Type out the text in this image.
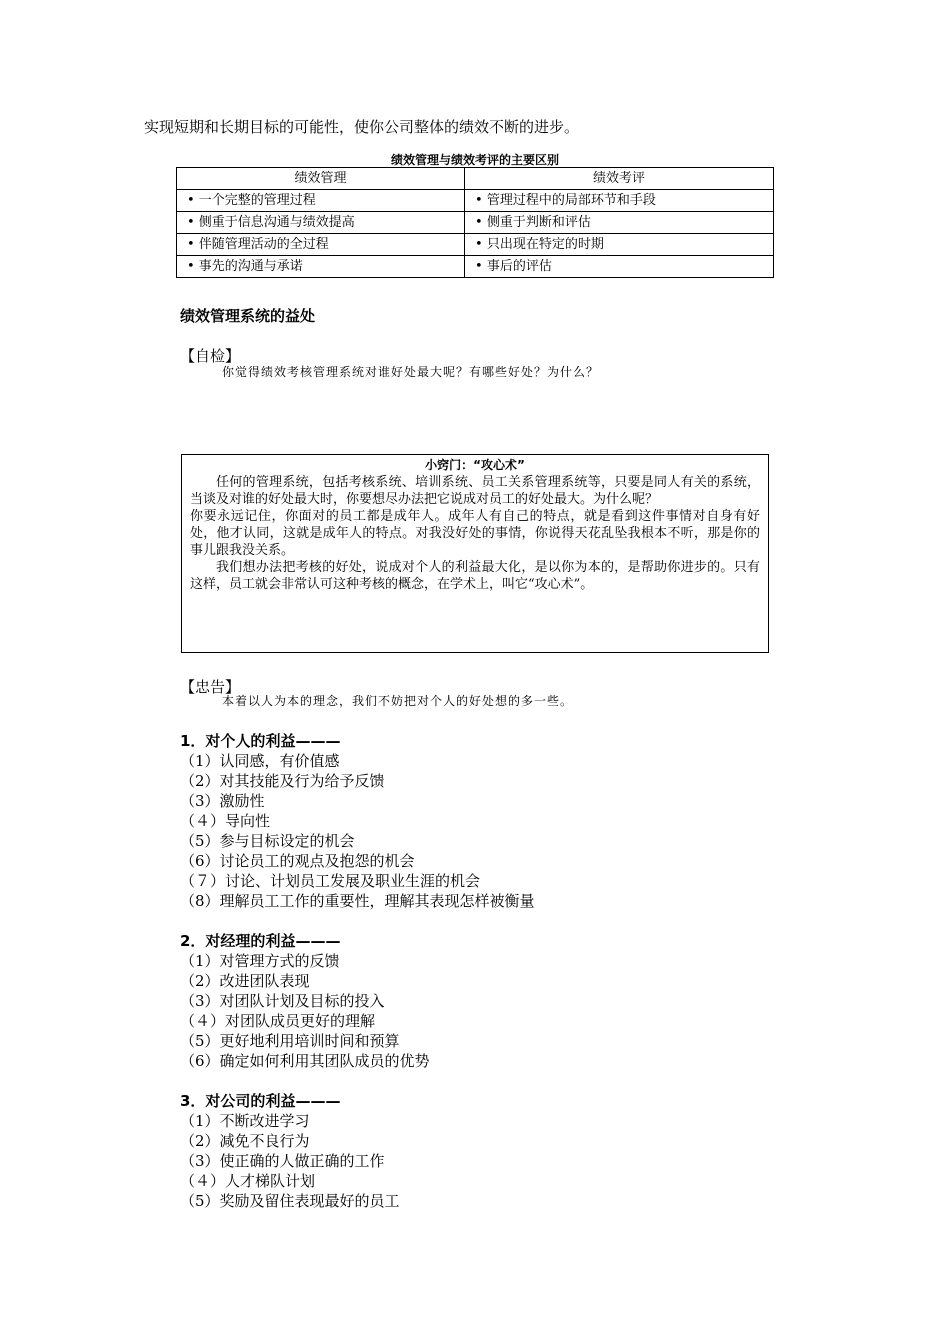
实现短期和长期目标的可能性，使你公司整体的绩效不断的进步。
绩效管理与绩效考评的主要区别
绩效管理	绩效考评
• 一个完整的管理过程	• 管理过程中的局部环节和手段
• 侧重于信息沟通与绩效提高	• 侧重于判断和评估
• 伴随管理活动的全过程	• 只出现在特定的时期
• 事先的沟通与承诺	• 事后的评估
绩效管理系统的益处
【自检】
你觉得绩效考核管理系统对谁好处最大呢？有哪些好处？为什么？
小窍门：“攻心术”

任何的管理系统，包括考核系统、培训系统、员工关系管理系统等，只要是同人有关的系统，当谈及对谁的好处最大时，你要想尽办法把它说成对员工的好处最大。为什么呢？

你要永远记住，你面对的员工都是成年人。成年人有自己的特点，就是看到这件事情对自身有好处，他才认同，这就是成年人的特点。对我没好处的事情，你说得天花乱坠我根本不听，那是你的事儿跟我没关系。

我们想办法把考核的好处，说成对个人的利益最大化，是以你为本的，是帮助你进步的。只有这样，员工就会非常认可这种考核的概念，在学术上，叫它“攻心术”。

【忠告】
本着以人为本的理念，我们不妨把对个人的好处想的多一些。
1．对个人的利益———
（1）认同感，有价值感
（2）对其技能及行为给予反馈
（3）激励性
（４）导向性
（5）参与目标设定的机会
（6）讨论员工的观点及抱怨的机会
（７）讨论、计划员工发展及职业生涯的机会
（8）理解员工工作的重要性，理解其表现怎样被衡量
2．对经理的利益———
（1）对管理方式的反馈
（2）改进团队表现
（3）对团队计划及目标的投入
（４）对团队成员更好的理解
（5）更好地利用培训时间和预算
（6）确定如何利用其团队成员的优势
3．对公司的利益———
（1）不断改进学习
（2）减免不良行为
（3）使正确的人做正确的工作
（４）人才梯队计划
（5）奖励及留住表现最好的员工
